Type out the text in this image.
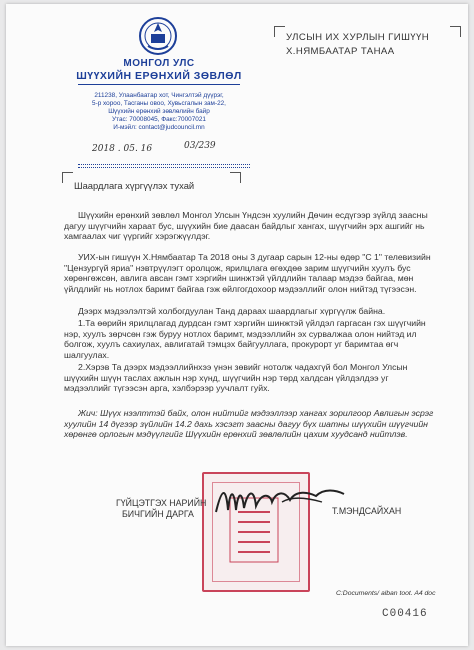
МОНГОЛ УЛС
ШҮҮХИЙН ЕРӨНХИЙ ЗӨВЛӨЛ
211238, Улаанбаатар хот, Чингэлтэй дүүрэг,
5-р хороо, Тасганы овоо, Хувьсгалын зам-22,
Шүүхийн ерөнхий зөвлөлийн байр
Утас: 70008045, Факс:70007021
И-мэйл: contact@judcouncil.mn
2018 . 05. 16	03/239
УЛСЫН ИХ ХУРЛЫН ГИШҮҮН
Х.НЯМБААТАР ТАНАА
Шаардлага хүргүүлэх тухай

Шүүхийн ерөнхий зөвлөл Монгол Улсын Үндсэн хуулийн Дөчин есдүгээр зүйлд заасны дагуу шүүгчийн хараат бус, шүүхийн бие даасан байдлыг хангах, шүүгчийн эрх ашгийг нь хамгаалах чиг үүргийг хэрэгжүүлдэг.

УИХ-ын гишүүн Х.Нямбаатар Та 2018 оны 3 дугаар сарын 12-ны өдөр "С 1" телевизийн "Цензургүй яриа" нэвтрүүлэгт оролцож, ярилцлага өгөхдөө зарим шүүгчийн хуулъ бус хөрөнгөжсөн, авлига авсан гэмт хэргийн шинжтэй үйлдлийн талаар мэдээ байгаа, мөн үйлдлийг нь нотлох баримт байгаа гэж өйлгогдохоор мэдээллийг олон нийтэд түгээсэн.

Дээрх мэдээлэлтэй холбогдуулан Танд дараах шаардлагыг хүргүүлж байна.

1.Та өөрийн ярилцлагад дурдсан гэмт хэргийн шинжтэй үйлдэл гаргасан гэх шүүгчийн нэр, хуулъ зөрчсөн гэж буруу нотлох баримт, мэдээллийн эх сурвалжаа олон нийтэд ил болгож, хуулъ сахиулах, авлигатай тэмцэх байгууллага, прокурорт уг баримтаа өгч шалгуулах.

2.Хэрэв Та дээрх мэдээллийнхээ үнэн зөвийг нотолж чадахгүй бол Монгол Улсын шүүхийн шүүн таслах ажлын нэр хүнд, шүүгчийн нэр төрд халдсан үйлдэлдээ уг мэдээллийг түгээсэн арга, хэлбэрээр уучлалт гуйх.

Жич: Шүүх нээлттэй байх, олон нийтийг мэдээллээр хангах зорилгоор Авлигын эсрэг хуулийн 14 дүгээр зүйлийн 14.2 дахь хэсэгт заасны дагуу бүх шатны шүүхийн шүүгчийн хөрөнгө орлогын мэдүүлгийг Шүүхийн ерөнхий зөвлөлийн цахим хуудсанд нийтлэв.

ГҮЙЦЭТГЭХ НАРИЙН
БИЧГИЙН ДАРГА	Т.МЭНДСАЙХАН
C:Documents/ alban toot. A4 doc
C00416
